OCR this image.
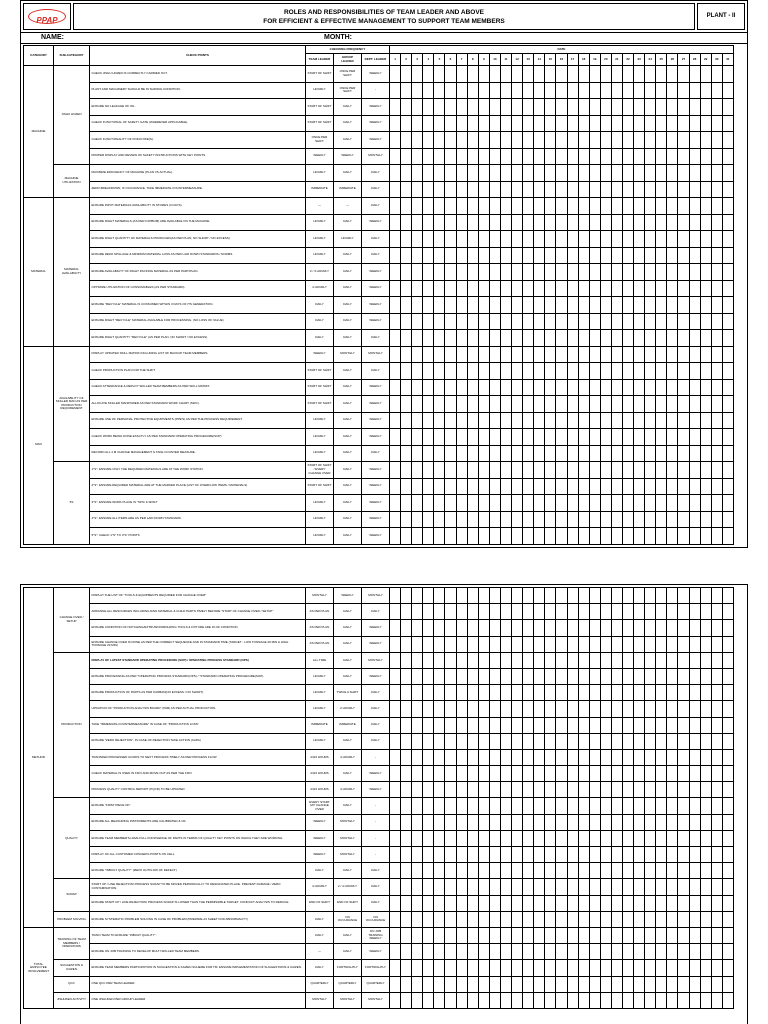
PPAP
ROLES AND RESPONSIBILITIES OF TEAM LEADER AND ABOVE
FOR EFFICIENT & EFFECTIVE MANAGEMENT TO SUPPORT TEAM MEMBERS
PLANT - II
NAME:	MONTH:
CATEGORY	SUB-CATEGORY	CHECK POINTS	CHECKING FREQUENCY			DATE																														
			TEAM LEADER	GROUP LEADER	DEPT. LEADER	1	2	3	4	5	6	7	8	9	10	11	12	13	14	15	16	17	18	19	20	21	22	23	24	25	26	27	28	29	30	31
MACHINE	JISHU HOZEN	CHECK JISHU HOZEN IS CORRECTLY CARRIED OUT.	START OF SHIFT	ONCE PER SHIFT	WEEKLY																															
		PLANT AND MACHINERY SHOULD BE IN SHINING CONDITION.	HOURLY	ONCE PER SHIFT	-																															
		ENSURE NO LEAKAGE OF OIL.	START OF SHIFT	DAILY	WEEKLY																															
		CHECK FUNCTIONAL OF SAFETY GATE (WHEREVER APPLICABLE).	START OF SHIFT	DAILY	WEEKLY																															
		CHECK FUNCTIONALITY OF POKAYOKE(S).	ONCE PER SHIFT	DAILY	WEEKLY																															
		PROPER DISPLAY AND REVIEW OF SAFETY INSTRUCTIONS WITH KEY POINTS.	WEEKLY	WEEKLY	MONTHLY																															
	MACHINE UTILIZATION	MAXIMIZE EFFICIENCY OF MACHINE (PLAN VS ACTUAL).	HOURLY	DAILY	DAILY																															
		ZERO BREAKDOWN, IF OCCURANCE, TAKE IMMEDIATE COUNTERMEASURE.	IMMEDIATE	IMMEDIATE	DAILY																															
MATERIAL	MATERIAL AVAILABILITY	ENSURE INPUT MATERIALS AVAILABILITY IN STORES (3 DAYS).	---	---	DAILY																															
		ENSURE RIGHT MATERIALS (AS PER IOP/BOM) ARE AVAILABLE ON THE MACHINE.	HOURLY	DAILY	WEEKLY																															
		ENSURE RIGHT QUANTITY OF MATERIALS PRODUCED(AS PER PLAN, NO SHORT / NO EXCESS).	HOURLY	HOURLY	DAILY																															
		ENSURE ZERO SPILLAGE & MINIMUM MATERIAL LOSS AS PER LAID DOWN STANDARDS / NORMS.	HOURLY	DAILY	DAILY																															
		ENSURE AVAILABILITY OF RIGHT PACKING MATERIAL AS PER PART/PLAN.	2 / 4 HOURLY	DAILY	WEEKLY																															
		OPTIMIZE UTILIZATION OF CONSUMABLES (AS PER STANDARD).	4 HOURLY	DAILY	WEEKLY																															
		ENSURE "RECYCLE" MATERIAL IS CONSUMED WITHIN 3 DAYS OF ITS GENERATION.	DAILY	DAILY	WEEKLY																															
		ENSURE RIGHT "RECYCLE" MATERIAL AVAILABLE FOR PROCESSING. (NO LOSS OF VALUE)	DAILY	DAILY	WEEKLY																															
		ENSURE RIGHT QUANTITY "RECYCLE" (AS PER PLAN, NO SHORT / NO EXCESS).	DAILY	DAILY	DAILY																															
MAN	AVAILABILITY OF SKILLED MAN AS PER PRODUCTION REQUIREMENT	DISPLAY UPDATED SKILL MATRIX INCLUDING LIST OF BACKUP TEAM MEMBERS.	WEEKLY	MONTHLY	MONTHLY																															
		CHECK PRODUCTION PLAN FOR THE SHIFT.	START OF SHIFT	DAILY	DAILY																															
		CHECK ATTENDANCE & DEPLOY SKILLED TEAM MEMBERS AS PER SKILL MATRIX.	START OF SHIFT	DAILY	WEEKLY																															
		ALLOCATE SKILLED MANPOWER AS PER STANDARD WORK CHART (SWC).	START OF SHIFT	DAILY	WEEKLY																															
		ENSURE USE OF PERSONAL PROTECTIVE EQUIPMENTS (PPE'S) AS PER THE PROCESS REQUIREMENT.	HOURLY	DAILY	WEEKLY																															
		CHECK WORK BEING DONE EXACTLY AS PER STANDARD OPERATING PROCEDURE(SOP)	HOURLY	DAILY	WEEKLY																															
		RECORD ALL 4 M CHANGE MANAGEMENT & TAKE COUNTER MEASURE.	HOURLY	DAILY	DAILY																															
	5S	1"S": ENSURE ONLY THE REQUIRED MATERIALS ARE AT THE WORK STATION.	START OF SHIFT / EVERY CHANGE OVER	DAILY	WEEKLY																															
		2"S": ENSURE REQUIRED MATERIAL ARE AT THE MARKED PLACE (LIST OF OVERFLOW ITEMS / MATERIALS)	START OF SHIFT	DAILY	WEEKLY																															
		3"S": ENSURE WORK PLACE IS "SPIC & SPAN"	HOURLY	DAILY	WEEKLY																															
		4"S": ENSURE ALL ITEMS ARE AS PER LAID DOWN STANDARD.	HOURLY	DAILY	WEEKLY																															
		5"S": CHECK 1"S" TO 4"S" POINTS	HOURLY	DAILY	WEEKLY																															
METHOD	CHANGE OVER / SETUP	DISPLAY THE LIST OF "TOOLS & EQUIPMENTS REQUIRED FOR CHANGE OVER"	MONTHLY	WEEKLY	MONTHLY																															
		ARRANGE ALL RESOURCES INCLUDING RAW MATERIAL & CHILD PARTS TIMELY BEFORE "START OF CHANGE OVER / SETUP"	AS PER PLAN	DAILY	DAILY																															
		ENSURE CONDITION OF NOTCHING/EXTRUSION/MOLDING TOOLS & FIXTURE ARE IN OK CONDITION	AS PER PLAN	DAILY	WEEKLY																															
		ENSURE CHANGE OVER IS DONE AS PER THE CORRECT SEQUENCE AND IN STANDARD TIME (TARGET - LOW TONNAGE 30 MIN & HIGH TONNAGE 20 MIN)	AS PER PLAN	DAILY	WEEKLY																															
	PRODUCTION	DISPLAY OF LATEST STANDARD OPERATING PROCEDURE (SOP) / OPERATING PROCESS STANDARD (OPS)	ALL TIME	DAILY	MONTHLY																															
		ENSURE PROCESSING AS PER "OPERATING PROCESS STANDARD(OPS) / "STANDARD OPERATING PROCEDURE(SOP).	HOURLY	DAILY	WEEKLY																															
		ENSURE PRODUCTION OF PARTS AS PER KANBAN(NO EXCESS / NO SHORT).	HOURLY	TWICE A SHIFT	DAILY																															
		UPDATION OF "PRODUCTION ANALYSIS BOARD" (PAB) AS PER ACTUAL PRODUCTION.	HOURLY	2 HOURLY	DAILY																															
		TAKE "IMMEDIATE COUNTERMEASURE" IN CASE OF "PRODUCTION LOSS"	IMMEDIATE	IMMEDIATE	DAILY																															
		ENSURE "ZERO REJECTION". IN CASE OF REJECTION TAKE ACTION (CAPA)	HOURLY	DAILY	DAILY																															
		TRANSFER PROCESSED GOODS TO NEXT PROCESS TIMELY AS PER PROCESS FLOW	2/3/4 HOURS	4 HOURLY	-																															
		CHECK MATERIAL IS USED IN FIFO AND MOVE OUT AS PER THE FIFO	2/3/4 HOURS	DAILY	WEEKLY																															
		PROCESS QUALITY CONTROL REPORT (PQCR) TO BE UPDATED.	2/3/4 HOURS	4 HOURLY	WEEKLY																															
	QUALITY	ENSURE "FIRST PIECE OK"	EVERY START UP/ CHANGE OVER	DAILY	-																															
		ENSURE ALL MEASURING INSTRUMENTS ARE CALIBRATED & OK.	WEEKLY	MONTHLY	-																															
		ENSURE TEAM MEMBER'S HAVE FULL KNOWLEDGE OF PARTS IN TERMS OF QUALITY KEY POINTS ON WHICH THEY ARE WORKING.	WEEKLY	MONTHLY	-																															
		DISPLAY OF ALL CUSTOMER CONCERN POINTS ON CELL	WEEKLY	MONTHLY	-																															
		ENSURE "INBUILT QUALITY" (ZERO OUTFLOW OF DEFECT)	DAILY	DAILY	DAILY																															
	SCRAP	START UP / LINE REJECTION/ PROCESS SCRAP TO BE MOVED PERIODICALLY TO DESIGNATED PLACE. PREVENT DAMAGE / ZERO CONTAMINATION.	4 HOURLY	2 / 4 HOURLY	DAILY																															
		ENSURE START UP / LINE REJECTION/ PROCESS SCRAP IS LOWER THAN THE PERMISSIBLE TARGET. CONDUCT ANALYSIS TO REDUCE.	END OF SHIFT	END OF SHIFT	DAILY																															
	PROBLEM SOLVING	ENSURE SYSTEMATIC PROBLEM SOLVING IN CASE OF PROBLEM (PREPARE A3 SHEET FOR ABNORMALITY)	DAILY	ON OCCURANCE	ON OCCURANCE																															
TOTAL EMPLOYEE INVOLVEMENT	TRAINING OF TEAM MEMBERS / OPERATORS	TRAIN TEAM TO ENSURE "INBUILT QUALITY".	DAILY	DAILY	ON JOB TRAINING WEEKLY																															
		ENSURE ON JOB TRAINING TO DEVELOP MULTI SKILLED TEAM MEMBERS.	---	DAILY	WEEKLY																															
	SUGGESTION & KAIZEN	ENSURE TEAM MEMBERS PARTICIPATION IN SUGGESTION & KAIZEN SCHEME FOR TM. ENSURE IMPLEMENTATION OF SUGGESTIONS & KAIZEN.	DAILY	FORTNIGHTLY	FORTNIGHTLY																															
	QCC	ONE QCC PER TEAM LEADER.	QUARTERLY	QUARTERLY	QUARTERLY																															
	JISHUKEN ACTIVITY	ONE JISHUKEN PER GROUP LEADER	MONTHLY	MONTHLY	MONTHLY																															
